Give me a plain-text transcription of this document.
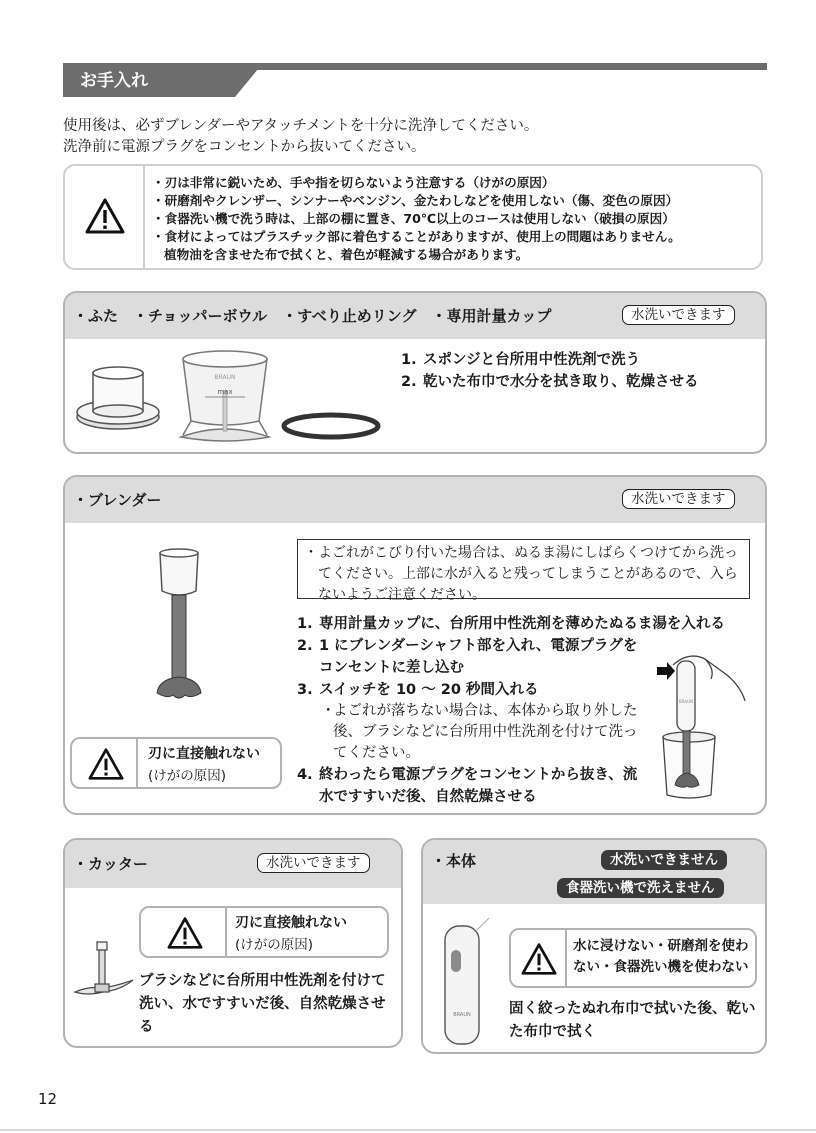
お手入れ
使用後は、必ずブレンダーやアタッチメントを十分に洗浄してください。
洗浄前に電源プラグをコンセントから抜いてください。
・刃は非常に鋭いため、手や指を切らないよう注意する（けがの原因）
・研磨剤やクレンザー、シンナーやベンジン、金たわしなどを使用しない（傷、変色の原因）
・食器洗い機で洗う時は、上部の棚に置き、70℃以上のコースは使用しない（破損の原因）
・食材によってはプラスチック部に着色することがありますが、使用上の問題はありません。
植物油を含ませた布で拭くと、着色が軽減する場合があります。
・ふた　・チョッパーボウル　・すべり止めリング　・専用計量カップ	水洗いできます
BRAUN
max
1. スポンジと台所用中性洗剤で洗う
2. 乾いた布巾で水分を拭き取り、乾燥させる
・ブレンダー	水洗いできます
刃に直接触れない
(けがの原因)
・ よごれがこびり付いた場合は、ぬるま湯にしばらくつけてから洗ってください。上部に水が入ると残ってしまうことがあるので、入らないようご注意ください。
1. 専用計量カップに、台所用中性洗剤を薄めたぬるま湯を入れる
2. 1 にブレンダーシャフト部を入れ、電源プラグをコンセントに差し込む
3. スイッチを 10 ～ 20 秒間入れる
・
よごれが落ちない場合は、本体から取り外した後、ブラシなどに台所用中性洗剤を付けて洗ってください。
4. 終わったら電源プラグをコンセントから抜き、流水ですすいだ後、自然乾燥させる
BRAUN
・カッター	水洗いできます
刃に直接触れない
(けがの原因)
ブラシなどに台所用中性洗剤を付けて洗い、水ですすいだ後、自然乾燥させる
・本体	水洗いできません
食器洗い機で洗えません
BRAUN
水に浸けない・研磨剤を使わない・食器洗い機を使わない
固く絞ったぬれ布巾で拭いた後、乾いた布巾で拭く
12
